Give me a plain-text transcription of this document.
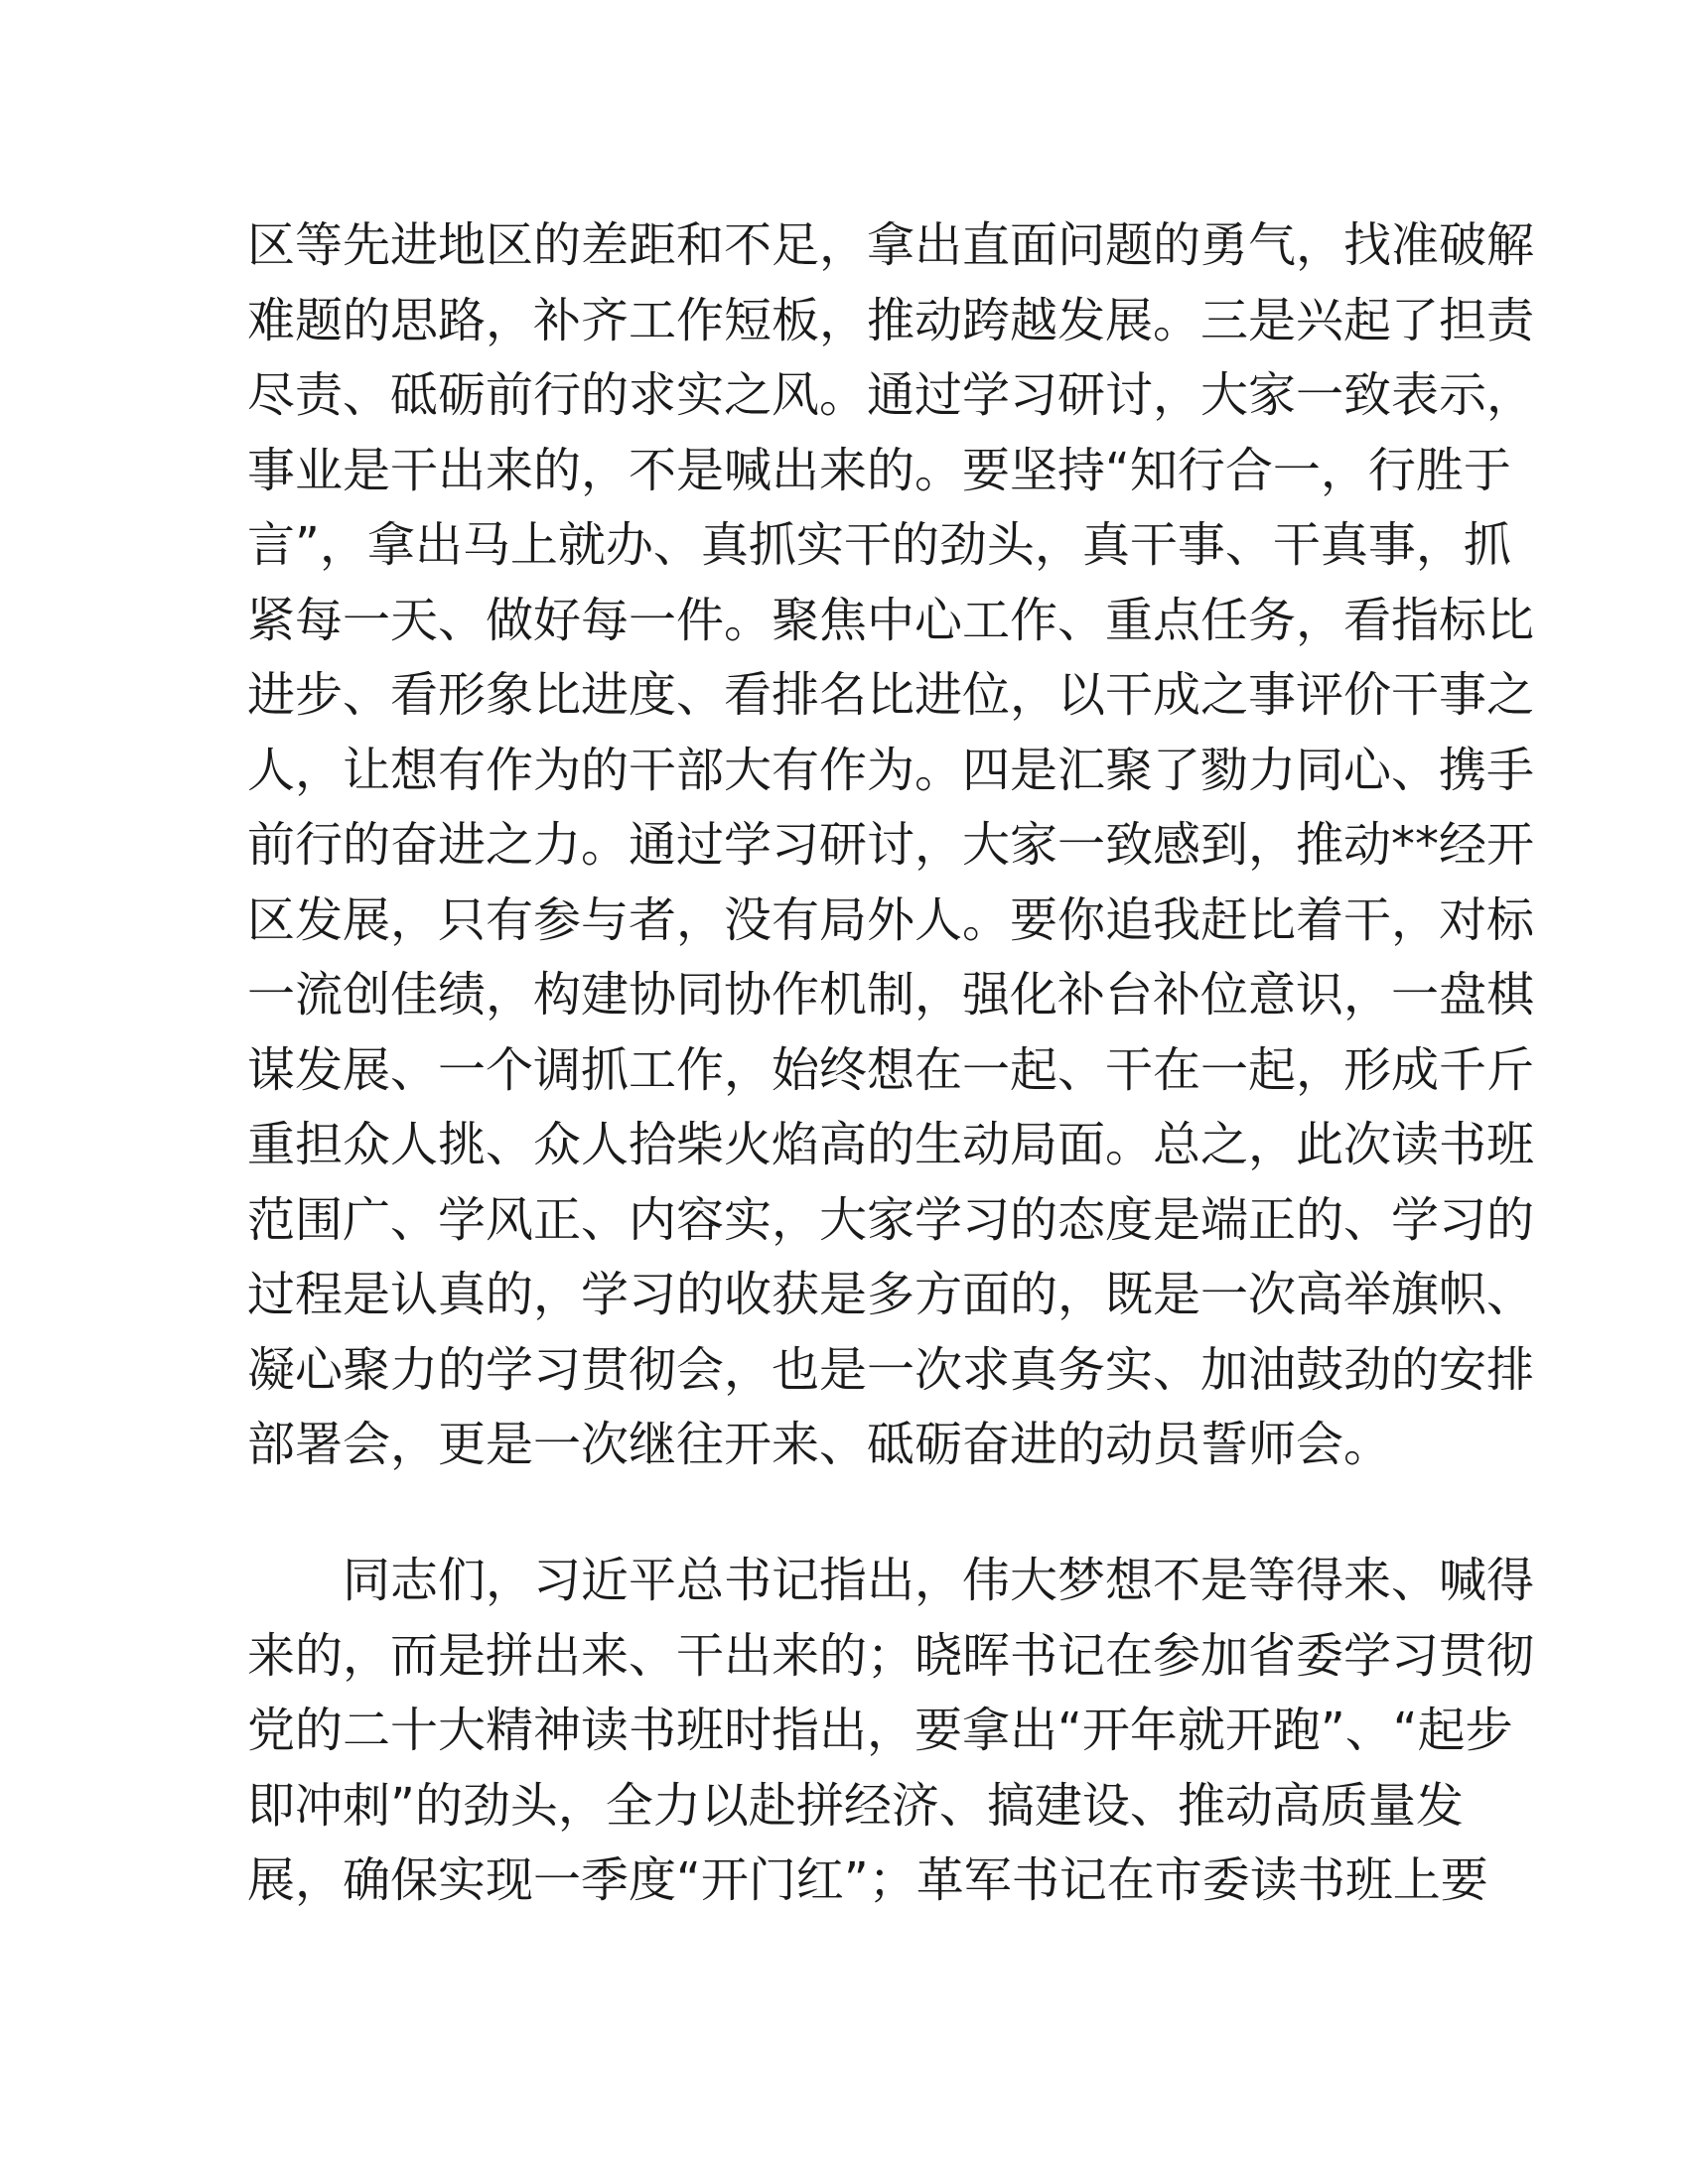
区等先进地区的差距和不足，拿出直面问题的勇气，找准破解
难题的思路，补齐工作短板，推动跨越发展。三是兴起了担责
尽责、砥砺前行的求实之风。通过学习研讨，大家一致表示，
事业是干出来的，不是喊出来的。要坚持“知行合一，行胜于
言”，拿出马上就办、真抓实干的劲头，真干事、干真事，抓
紧每一天、做好每一件。聚焦中心工作、重点任务，看指标比
进步、看形象比进度、看排名比进位，以干成之事评价干事之
人，让想有作为的干部大有作为。四是汇聚了勠力同心、携手
前行的奋进之力。通过学习研讨，大家一致感到，推动**经开
区发展，只有参与者，没有局外人。要你追我赶比着干，对标
一流创佳绩，构建协同协作机制，强化补台补位意识，一盘棋
谋发展、一个调抓工作，始终想在一起、干在一起，形成千斤
重担众人挑、众人拾柴火焰高的生动局面。总之，此次读书班
范围广、学风正、内容实，大家学习的态度是端正的、学习的
过程是认真的，学习的收获是多方面的，既是一次高举旗帜、
凝心聚力的学习贯彻会，也是一次求真务实、加油鼓劲的安排
部署会，更是一次继往开来、砥砺奋进的动员誓师会。
同志们，习近平总书记指出，伟大梦想不是等得来、喊得
来的，而是拼出来、干出来的；晓晖书记在参加省委学习贯彻
党的二十大精神读书班时指出，要拿出“开年就开跑”、“起步
即冲刺”的劲头，全力以赴拼经济、搞建设、推动高质量发
展，确保实现一季度“开门红”；革军书记在市委读书班上要
